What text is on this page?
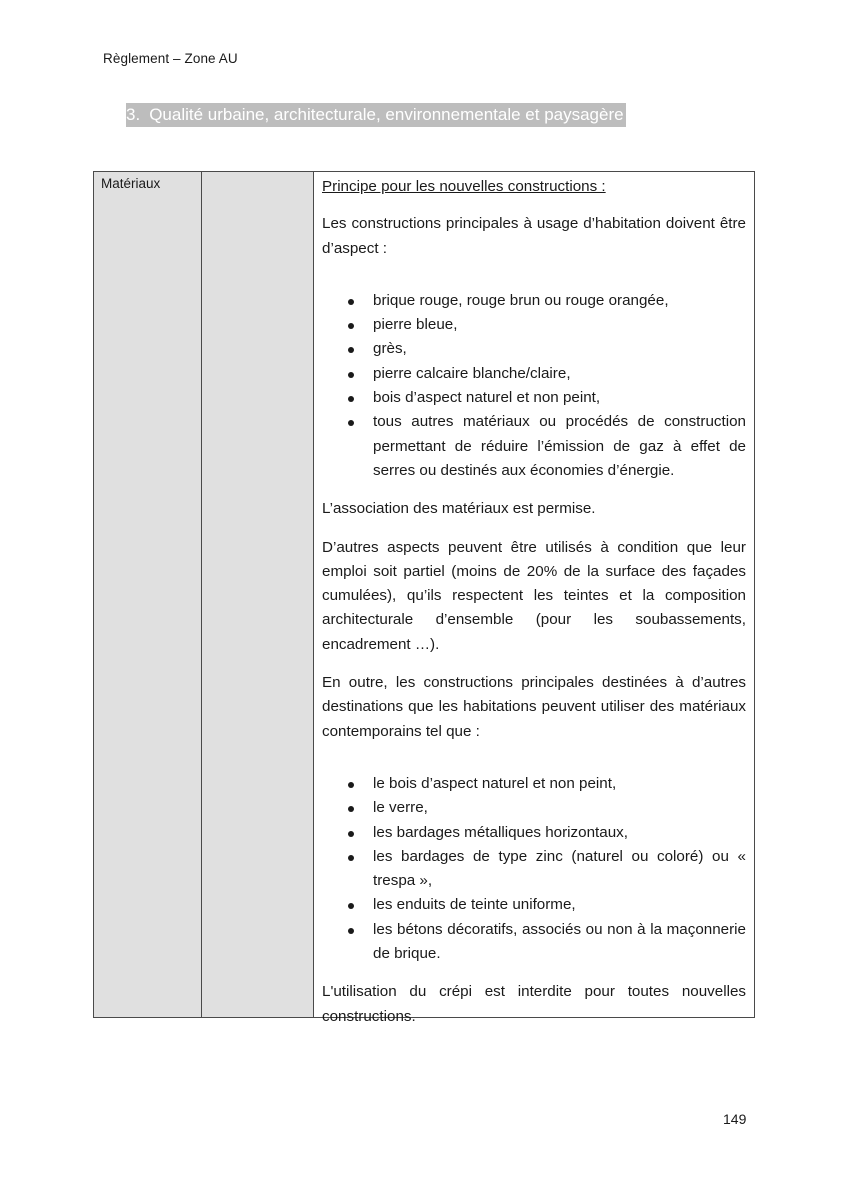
Règlement – Zone AU
3. Qualité urbaine, architecturale, environnementale et paysagère
Matériaux	Principe pour les nouvelles constructions :

Les constructions principales à usage d’habitation doivent être d’aspect :

brique rouge, rouge brun ou rouge orangée,
pierre bleue,
grès,
pierre calcaire blanche/claire,
bois d’aspect naturel et non peint,
tous autres matériaux ou procédés de construction permettant de réduire l’émission de gaz à effet de serres ou destinés aux économies d’énergie.

L’association des matériaux est permise.

D’autres aspects peuvent être utilisés à condition que leur emploi soit partiel (moins de 20% de la surface des façades cumulées), qu’ils respectent les teintes et la composition architecturale d’ensemble (pour les soubassements, encadrement …).

En outre, les constructions principales destinées à d’autres destinations que les habitations peuvent utiliser des matériaux contemporains tel que :

le bois d’aspect naturel et non peint,
le verre,
les bardages métalliques horizontaux,
les bardages de type zinc (naturel ou coloré) ou « trespa »,
les enduits de teinte uniforme,
les bétons décoratifs, associés ou non à la maçonnerie de brique.

L'utilisation du crépi est interdite pour toutes nouvelles constructions.

149
